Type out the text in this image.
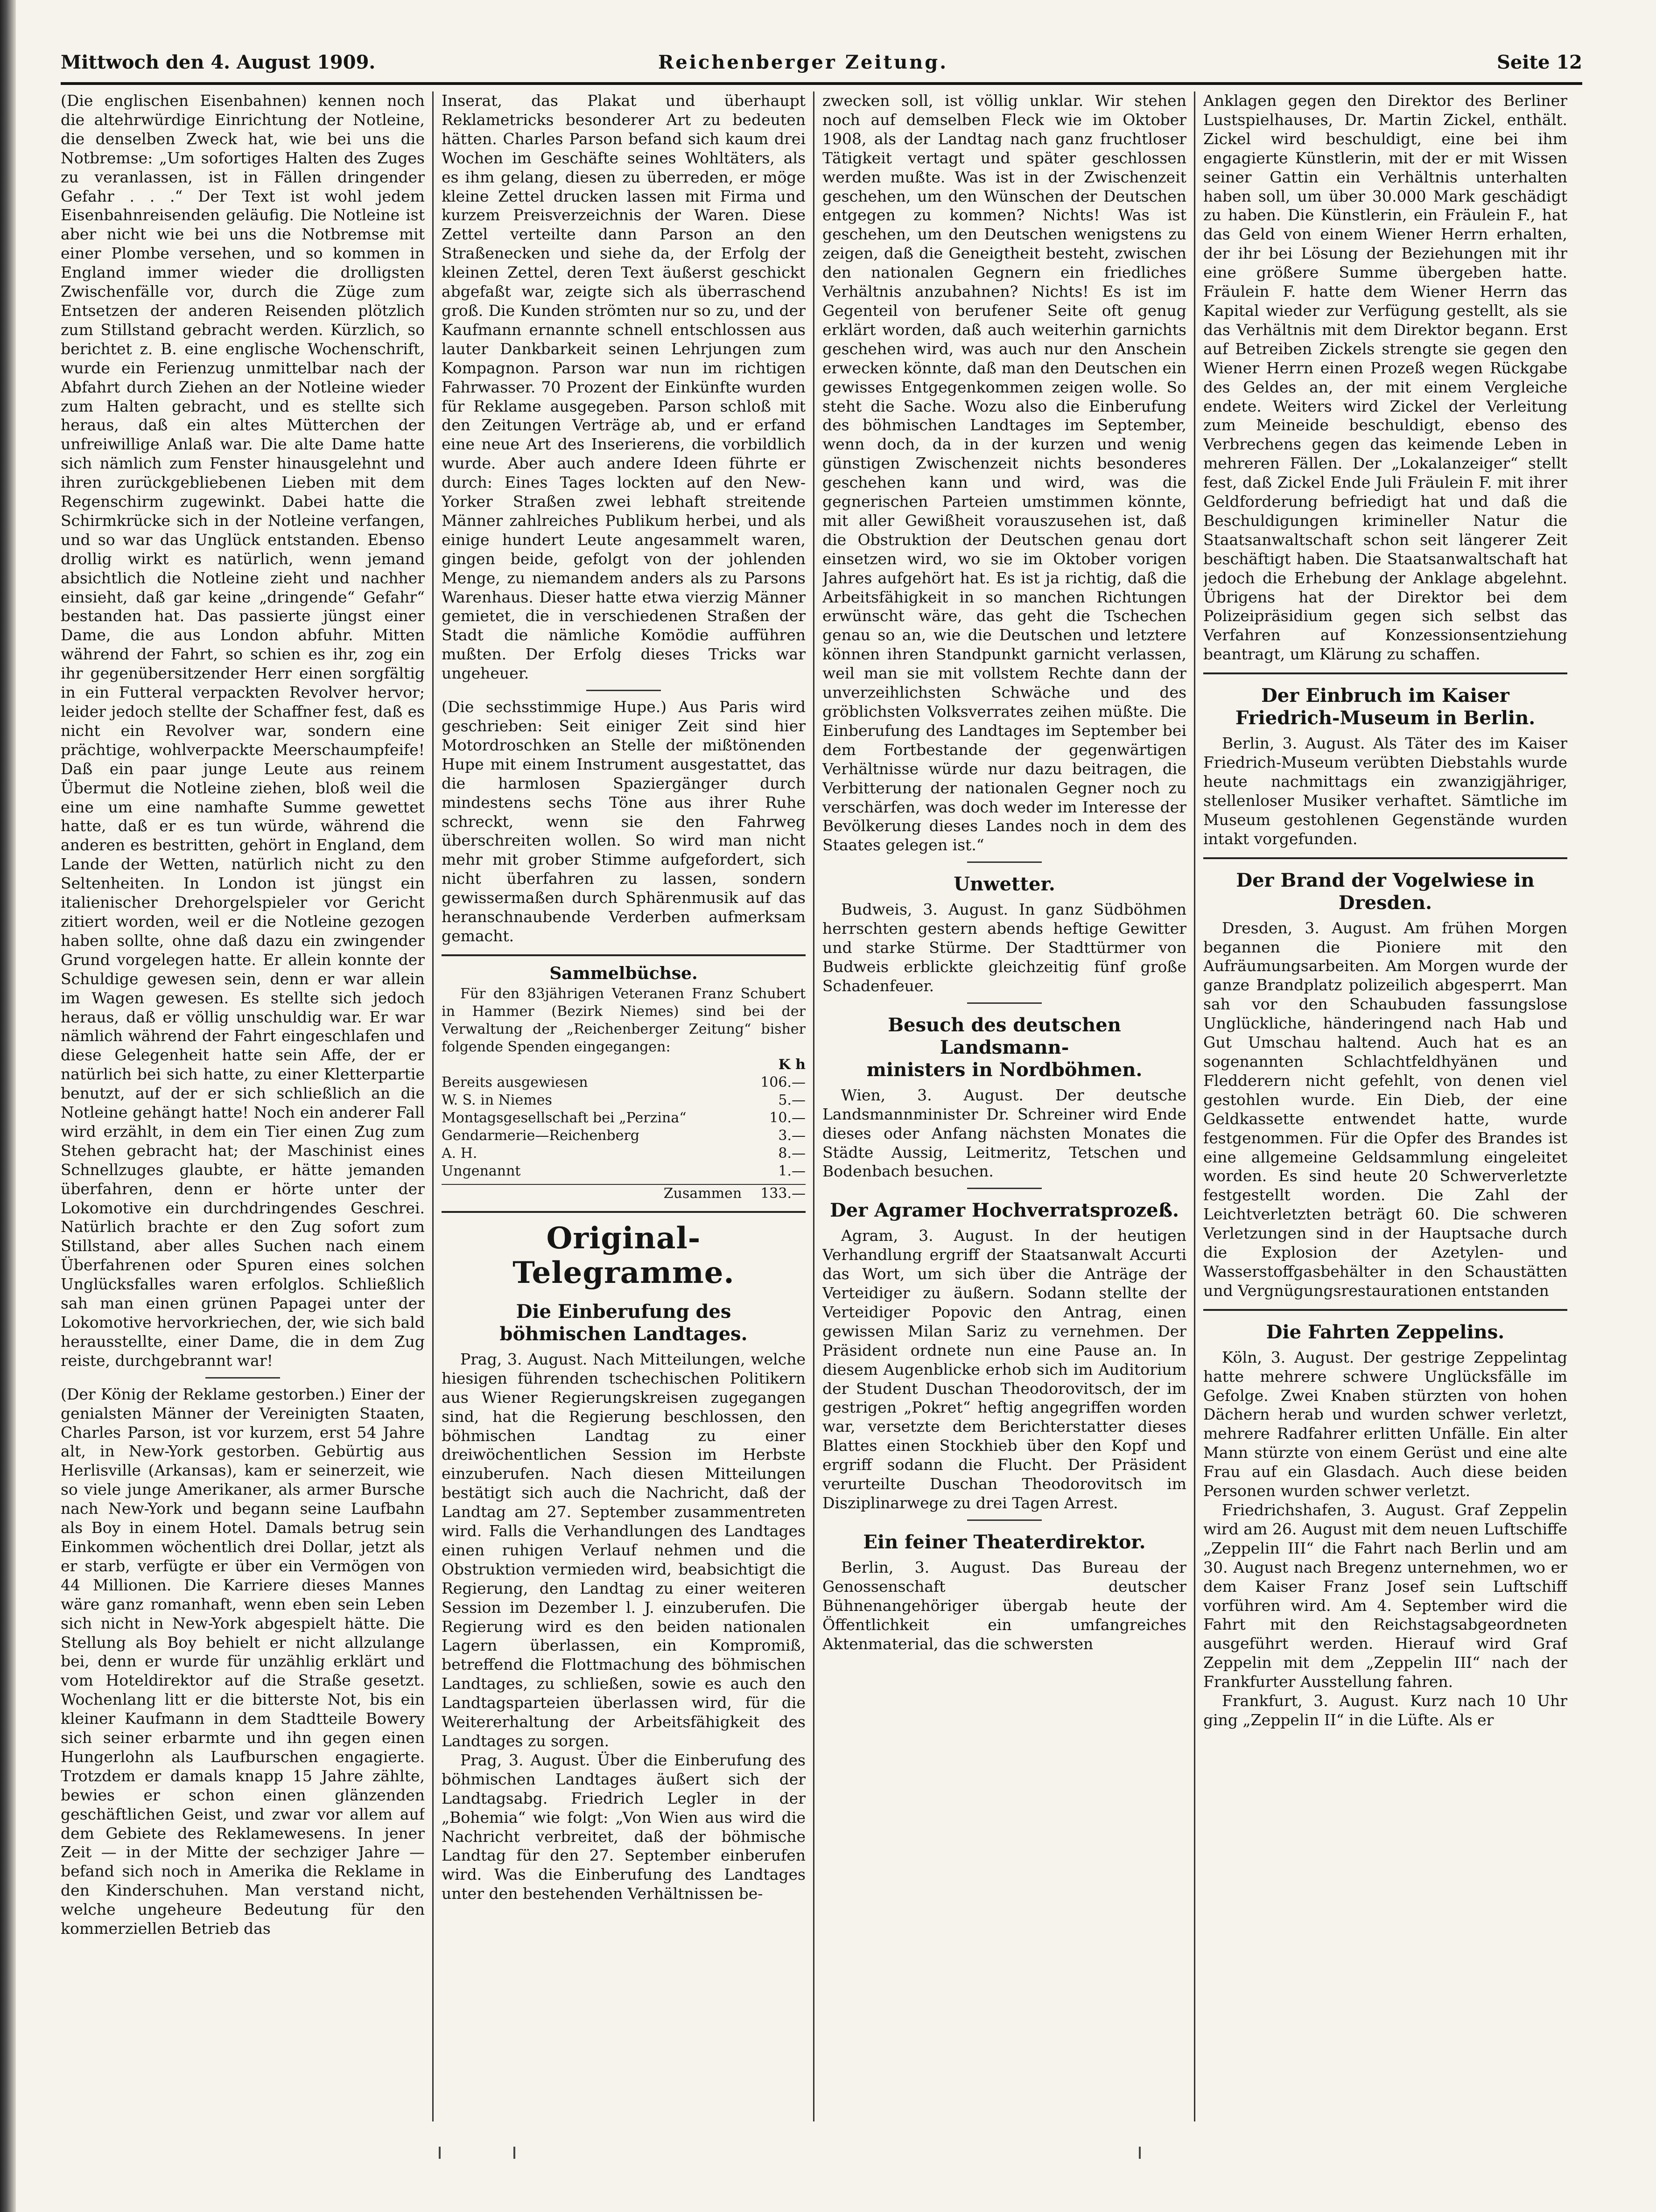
Mittwoch den 4. August 1909.	Reichenberger Zeitung.	Seite 12

(Die englischen Eisenbahnen) kennen noch die altehrwürdige Einrichtung der Notleine, die denselben Zweck hat, wie bei uns die Notbremse: „Um sofortiges Halten des Zuges zu veranlassen, ist in Fällen dringender Gefahr . . .“ Der Text ist wohl jedem Eisenbahnreisenden geläufig. Die Notleine ist aber nicht wie bei uns die Notbremse mit einer Plombe versehen, und so kommen in England immer wieder die drolligsten Zwischenfälle vor, durch die Züge zum Entsetzen der anderen Reisenden plötzlich zum Stillstand gebracht werden. Kürzlich, so berichtet z. B. eine englische Wochenschrift, wurde ein Ferienzug unmittelbar nach der Abfahrt durch Ziehen an der Notleine wieder zum Halten gebracht, und es stellte sich heraus, daß ein altes Mütterchen der unfreiwillige Anlaß war. Die alte Dame hatte sich nämlich zum Fenster hinausgelehnt und ihren zurückgebliebenen Lieben mit dem Regenschirm zugewinkt. Dabei hatte die Schirmkrücke sich in der Notleine verfangen, und so war das Unglück entstanden. Ebenso drollig wirkt es natürlich, wenn jemand absichtlich die Notleine zieht und nachher einsieht, daß gar keine „dringende“ Gefahr“ bestanden hat. Das passierte jüngst einer Dame, die aus London abfuhr. Mitten während der Fahrt, so schien es ihr, zog ein ihr gegenübersitzender Herr einen sorgfältig in ein Futteral verpackten Revolver hervor; leider jedoch stellte der Schaffner fest, daß es nicht ein Revolver war, sondern eine prächtige, wohlverpackte Meerschaumpfeife! Daß ein paar junge Leute aus reinem Übermut die Notleine ziehen, bloß weil die eine um eine namhafte Summe gewettet hatte, daß er es tun würde, während die anderen es bestritten, gehört in England, dem Lande der Wetten, natürlich nicht zu den Seltenheiten. In London ist jüngst ein italienischer Drehorgelspieler vor Gericht zitiert worden, weil er die Notleine gezogen haben sollte, ohne daß dazu ein zwingender Grund vorgelegen hatte. Er allein konnte der Schuldige gewesen sein, denn er war allein im Wagen gewesen. Es stellte sich jedoch heraus, daß er völlig unschuldig war. Er war nämlich während der Fahrt eingeschlafen und diese Gelegenheit hatte sein Affe, der er natürlich bei sich hatte, zu einer Kletterpartie benutzt, auf der er sich schließlich an die Notleine gehängt hatte! Noch ein anderer Fall wird erzählt, in dem ein Tier einen Zug zum Stehen gebracht hat; der Maschinist eines Schnellzuges glaubte, er hätte jemanden überfahren, denn er hörte unter der Lokomotive ein durchdringendes Geschrei. Natürlich brachte er den Zug sofort zum Stillstand, aber alles Suchen nach einem Überfahrenen oder Spuren eines solchen Unglücksfalles waren erfolglos. Schließlich sah man einen grünen Papagei unter der Lokomotive hervorkriechen, der, wie sich bald herausstellte, einer Dame, die in dem Zug reiste, durchgebrannt war!

(Der König der Reklame gestorben.) Einer der genialsten Männer der Vereinigten Staaten, Charles Parson, ist vor kurzem, erst 54 Jahre alt, in New-York gestorben. Gebürtig aus Herlisville (Arkansas), kam er seinerzeit, wie so viele junge Amerikaner, als armer Bursche nach New-York und begann seine Laufbahn als Boy in einem Hotel. Damals betrug sein Einkommen wöchentlich drei Dollar, jetzt als er starb, verfügte er über ein Vermögen von 44 Millionen. Die Karriere dieses Mannes wäre ganz romanhaft, wenn eben sein Leben sich nicht in New-York abgespielt hätte. Die Stellung als Boy behielt er nicht allzulange bei, denn er wurde für unzählig erklärt und vom Hoteldirektor auf die Straße gesetzt. Wochenlang litt er die bitterste Not, bis ein kleiner Kaufmann in dem Stadtteile Bowery sich seiner erbarmte und ihn gegen einen Hungerlohn als Laufburschen engagierte. Trotzdem er damals knapp 15 Jahre zählte, bewies er schon einen glänzenden geschäftlichen Geist, und zwar vor allem auf dem Gebiete des Reklamewesens. In jener Zeit — in der Mitte der sechziger Jahre — befand sich noch in Amerika die Reklame in den Kinderschuhen. Man verstand nicht, welche ungeheure Bedeutung für den kommerziellen Betrieb das

Inserat, das Plakat und überhaupt Reklametricks besonderer Art zu bedeuten hätten. Charles Parson befand sich kaum drei Wochen im Geschäfte seines Wohltäters, als es ihm gelang, diesen zu überreden, er möge kleine Zettel drucken lassen mit Firma und kurzem Preisverzeichnis der Waren. Diese Zettel verteilte dann Parson an den Straßenecken und siehe da, der Erfolg der kleinen Zettel, deren Text äußerst geschickt abgefaßt war, zeigte sich als überraschend groß. Die Kunden strömten nur so zu, und der Kaufmann ernannte schnell entschlossen aus lauter Dankbarkeit seinen Lehrjungen zum Kompagnon. Parson war nun im richtigen Fahrwasser. 70 Prozent der Einkünfte wurden für Reklame ausgegeben. Parson schloß mit den Zeitungen Verträge ab, und er erfand eine neue Art des Inserierens, die vorbildlich wurde. Aber auch andere Ideen führte er durch: Eines Tages lockten auf den New-Yorker Straßen zwei lebhaft streitende Männer zahlreiches Publikum herbei, und als einige hundert Leute angesammelt waren, gingen beide, gefolgt von der johlenden Menge, zu niemandem anders als zu Parsons Warenhaus. Dieser hatte etwa vierzig Männer gemietet, die in verschiedenen Straßen der Stadt die nämliche Komödie aufführen mußten. Der Erfolg dieses Tricks war ungeheuer.

(Die sechsstimmige Hupe.) Aus Paris wird geschrieben: Seit einiger Zeit sind hier Motordroschken an Stelle der mißtönenden Hupe mit einem Instrument ausgestattet, das die harmlosen Spaziergänger durch mindestens sechs Töne aus ihrer Ruhe schreckt, wenn sie den Fahrweg überschreiten wollen. So wird man nicht mehr mit grober Stimme aufgefordert, sich nicht überfahren zu lassen, sondern gewissermaßen durch Sphärenmusik auf das heranschnaubende Verderben aufmerksam gemacht.

Sammelbüchse.

Für den 83jährigen Veteranen Franz Schubert in Hammer (Bezirk Niemes) sind bei der Verwaltung der „Reichenberger Zeitung“ bisher folgende Spenden eingegangen:

K h
Bereits ausgewiesen	106.—
W. S. in Niemes	5.—
Montagsgesellschaft bei „Perzina“	10.—
Gendarmerie—Reichenberg	3.—
A. H.	8.—
Ungenannt	1.—
Zusammen 133.—
Original-Telegramme.
Die Einberufung des
böhmischen Landtages.

Prag, 3. August. Nach Mitteilungen, welche hiesigen führenden tschechischen Politikern aus Wiener Regierungskreisen zugegangen sind, hat die Regierung beschlossen, den böhmischen Landtag zu einer dreiwöchentlichen Session im Herbste einzuberufen. Nach diesen Mitteilungen bestätigt sich auch die Nachricht, daß der Landtag am 27. September zusammentreten wird. Falls die Verhandlungen des Landtages einen ruhigen Verlauf nehmen und die Obstruktion vermieden wird, beabsichtigt die Regierung, den Landtag zu einer weiteren Session im Dezember l. J. einzuberufen. Die Regierung wird es den beiden nationalen Lagern überlassen, ein Kompromiß, betreffend die Flottmachung des böhmischen Landtages, zu schließen, sowie es auch den Landtagsparteien überlassen wird, für die Weitererhaltung der Arbeitsfähigkeit des Landtages zu sorgen.

Prag, 3. August. Über die Einberufung des böhmischen Landtages äußert sich der Landtagsabg. Friedrich Legler in der „Bohemia“ wie folgt: „Von Wien aus wird die Nachricht verbreitet, daß der böhmische Landtag für den 27. September einberufen wird. Was die Einberufung des Landtages unter den bestehenden Verhältnissen be-

zwecken soll, ist völlig unklar. Wir stehen noch auf demselben Fleck wie im Oktober 1908, als der Landtag nach ganz fruchtloser Tätigkeit vertagt und später geschlossen werden mußte. Was ist in der Zwischenzeit geschehen, um den Wünschen der Deutschen entgegen zu kommen? Nichts! Was ist geschehen, um den Deutschen wenigstens zu zeigen, daß die Geneigtheit besteht, zwischen den nationalen Gegnern ein friedliches Verhältnis anzubahnen? Nichts! Es ist im Gegenteil von berufener Seite oft genug erklärt worden, daß auch weiterhin garnichts geschehen wird, was auch nur den Anschein erwecken könnte, daß man den Deutschen ein gewisses Entgegenkommen zeigen wolle. So steht die Sache. Wozu also die Einberufung des böhmischen Landtages im September, wenn doch, da in der kurzen und wenig günstigen Zwischenzeit nichts besonderes geschehen kann und wird, was die gegnerischen Parteien umstimmen könnte, mit aller Gewißheit vorauszusehen ist, daß die Obstruktion der Deutschen genau dort einsetzen wird, wo sie im Oktober vorigen Jahres aufgehört hat. Es ist ja richtig, daß die Arbeitsfähigkeit in so manchen Richtungen erwünscht wäre, das geht die Tschechen genau so an, wie die Deutschen und letztere können ihren Standpunkt garnicht verlassen, weil man sie mit vollstem Rechte dann der unverzeihlichsten Schwäche und des gröblichsten Volksverrates zeihen müßte. Die Einberufung des Landtages im September bei dem Fortbestande der gegenwärtigen Verhältnisse würde nur dazu beitragen, die Verbitterung der nationalen Gegner noch zu verschärfen, was doch weder im Interesse der Bevölkerung dieses Landes noch in dem des Staates gelegen ist.“

Unwetter.

Budweis, 3. August. In ganz Südböhmen herrschten gestern abends heftige Gewitter und starke Stürme. Der Stadttürmer von Budweis erblickte gleichzeitig fünf große Schadenfeuer.

Besuch des deutschen Landsmann-
ministers in Nordböhmen.

Wien, 3. August. Der deutsche Landsmannminister Dr. Schreiner wird Ende dieses oder Anfang nächsten Monates die Städte Aussig, Leitmeritz, Tetschen und Bodenbach besuchen.

Der Agramer Hochverratsprozeß.

Agram, 3. August. In der heutigen Verhandlung ergriff der Staatsanwalt Accurti das Wort, um sich über die Anträge der Verteidiger zu äußern. Sodann stellte der Verteidiger Popovic den Antrag, einen gewissen Milan Sariz zu vernehmen. Der Präsident ordnete nun eine Pause an. In diesem Augenblicke erhob sich im Auditorium der Student Duschan Theodorovitsch, der im gestrigen „Pokret“ heftig angegriffen worden war, versetzte dem Berichterstatter dieses Blattes einen Stockhieb über den Kopf und ergriff sodann die Flucht. Der Präsident verurteilte Duschan Theodorovitsch im Disziplinarwege zu drei Tagen Arrest.

Ein feiner Theaterdirektor.

Berlin, 3. August. Das Bureau der Genossenschaft deutscher Bühnenangehöriger übergab heute der Öffentlichkeit ein umfangreiches Aktenmaterial, das die schwersten

Anklagen gegen den Direktor des Berliner Lustspielhauses, Dr. Martin Zickel, enthält. Zickel wird beschuldigt, eine bei ihm engagierte Künstlerin, mit der er mit Wissen seiner Gattin ein Verhältnis unterhalten haben soll, um über 30.000 Mark geschädigt zu haben. Die Künstlerin, ein Fräulein F., hat das Geld von einem Wiener Herrn erhalten, der ihr bei Lösung der Beziehungen mit ihr eine größere Summe übergeben hatte. Fräulein F. hatte dem Wiener Herrn das Kapital wieder zur Verfügung gestellt, als sie das Verhältnis mit dem Direktor begann. Erst auf Betreiben Zickels strengte sie gegen den Wiener Herrn einen Prozeß wegen Rückgabe des Geldes an, der mit einem Vergleiche endete. Weiters wird Zickel der Verleitung zum Meineide beschuldigt, ebenso des Verbrechens gegen das keimende Leben in mehreren Fällen. Der „Lokalanzeiger“ stellt fest, daß Zickel Ende Juli Fräulein F. mit ihrer Geldforderung befriedigt hat und daß die Beschuldigungen krimineller Natur die Staatsanwaltschaft schon seit längerer Zeit beschäftigt haben. Die Staatsanwaltschaft hat jedoch die Erhebung der Anklage abgelehnt. Übrigens hat der Direktor bei dem Polizeipräsidium gegen sich selbst das Verfahren auf Konzessionsentziehung beantragt, um Klärung zu schaffen.

Der Einbruch im Kaiser
Friedrich-Museum in Berlin.

Berlin, 3. August. Als Täter des im Kaiser Friedrich-Museum verübten Diebstahls wurde heute nachmittags ein zwanzigjähriger, stellenloser Musiker verhaftet. Sämtliche im Museum gestohlenen Gegenstände wurden intakt vorgefunden.

Der Brand der Vogelwiese in Dresden.

Dresden, 3. August. Am frühen Morgen begannen die Pioniere mit den Aufräumungsarbeiten. Am Morgen wurde der ganze Brandplatz polizeilich abgesperrt. Man sah vor den Schaubuden fassungslose Unglückliche, händeringend nach Hab und Gut Umschau haltend. Auch hat es an sogenannten Schlachtfeldhyänen und Fledderern nicht gefehlt, von denen viel gestohlen wurde. Ein Dieb, der eine Geldkassette entwendet hatte, wurde festgenommen. Für die Opfer des Brandes ist eine allgemeine Geldsammlung eingeleitet worden. Es sind heute 20 Schwerverletzte festgestellt worden. Die Zahl der Leichtverletzten beträgt 60. Die schweren Verletzungen sind in der Hauptsache durch die Explosion der Azetylen- und Wasserstoffgasbehälter in den Schaustätten und Vergnügungsrestaurationen entstanden

Die Fahrten Zeppelins.

Köln, 3. August. Der gestrige Zeppelintag hatte mehrere schwere Unglücksfälle im Gefolge. Zwei Knaben stürzten von hohen Dächern herab und wurden schwer verletzt, mehrere Radfahrer erlitten Unfälle. Ein alter Mann stürzte von einem Gerüst und eine alte Frau auf ein Glasdach. Auch diese beiden Personen wurden schwer verletzt.

Friedrichshafen, 3. August. Graf Zeppelin wird am 26. August mit dem neuen Luftschiffe „Zeppelin III“ die Fahrt nach Berlin und am 30. August nach Bregenz unternehmen, wo er dem Kaiser Franz Josef sein Luftschiff vorführen wird. Am 4. September wird die Fahrt mit den Reichstagsabgeordneten ausgeführt werden. Hierauf wird Graf Zeppelin mit dem „Zeppelin III“ nach der Frankfurter Ausstellung fahren.

Frankfurt, 3. August. Kurz nach 10 Uhr ging „Zeppelin II“ in die Lüfte. Als er
